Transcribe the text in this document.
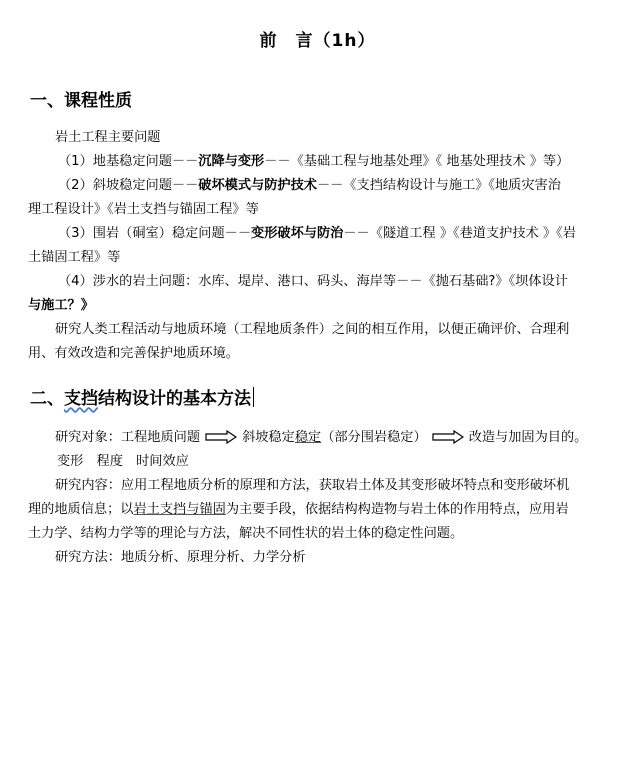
前　言（1h）
一、课程性质
岩土工程主要问题
（1）地基稳定问题－－沉降与变形－－《基础工程与地基处理》《 地基处理技术 》等）
（2）斜坡稳定问题－－破坏模式与防护技术－－《支挡结构设计与施工》《地质灾害治
理工程设计》《岩土支挡与锚固工程》等
（3）围岩（硐室）稳定问题－－变形破坏与防治－－《隧道工程 》《巷道支护技术 》《岩
土锚固工程》等
（4）涉水的岩土问题：水库、堤岸、港口、码头、海岸等－－《抛石基础?》《坝体设计
与施工？》
研究人类工程活动与地质环境（工程地质条件）之间的相互作用，以便正确评价、合理利
用、有效改造和完善保护地质环境。
二、支挡结构设计的基本方法
研究对象：工程地质问题	斜坡稳定稳定（部分围岩稳定）	改造与加固为目的。
变形　程度　时间效应
研究内容：应用工程地质分析的原理和方法，获取岩土体及其变形破坏特点和变形破坏机
理的地质信息；以岩土支挡与锚固为主要手段，依据结构构造物与岩土体的作用特点，应用岩
土力学、结构力学等的理论与方法，解决不同性状的岩土体的稳定性问题。
研究方法：地质分析、原理分析、力学分析
